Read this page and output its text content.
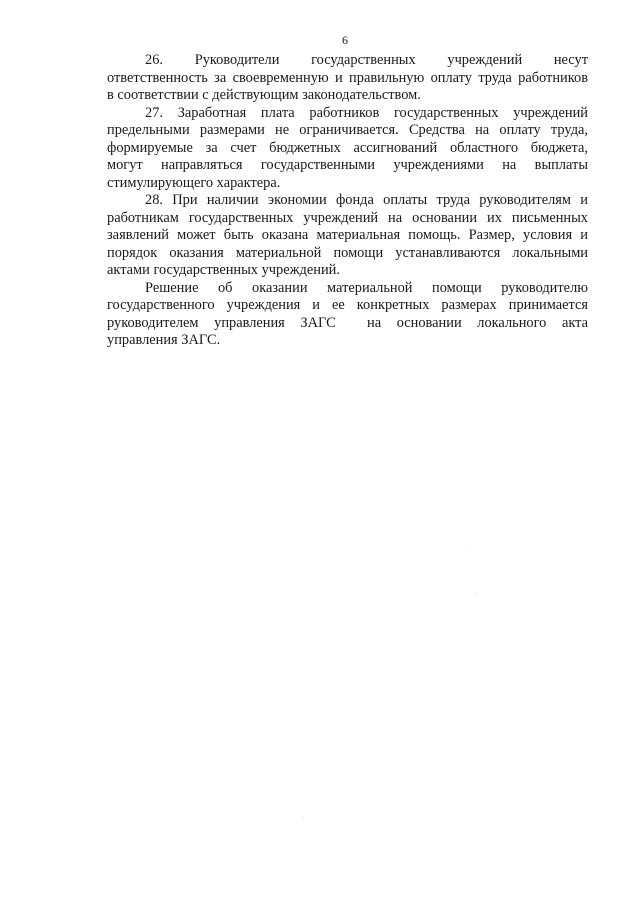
6
26.  Руководители  государственных  учреждений  несут
ответственность за своевременную и правильную оплату труда работников
в соответствии с действующим законодательством.
27. Заработная плата работников государственных учреждений
предельными размерами не ограничивается. Средства на оплату труда,
формируемые за счет бюджетных ассигнований областного бюджета,
могут направляться государственными учреждениями на выплаты
стимулирующего характера.
28. При наличии экономии фонда оплаты труда руководителям и
работникам государственных учреждений на основании их письменных
заявлений может быть оказана материальная помощь. Размер, условия и
порядок оказания материальной помощи устанавливаются локальными
актами государственных учреждений.
Решение об оказании материальной помощи руководителю
государственного учреждения и ее конкретных размерах принимается
руководителем управления ЗАГС  на основании локального акта
управления ЗАГС.
